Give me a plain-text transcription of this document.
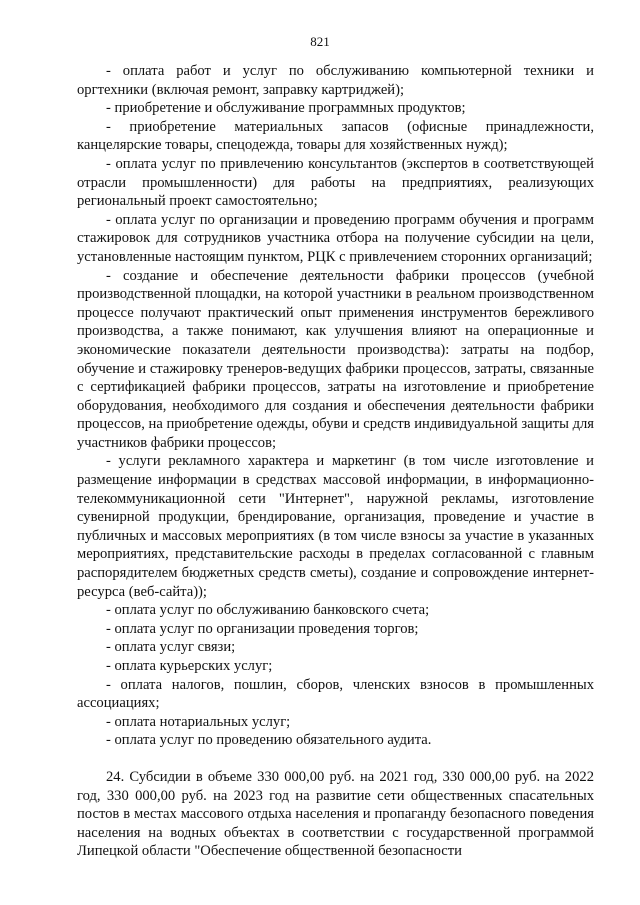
821

- оплата работ и услуг по обслуживанию компьютерной техники и оргтехники (включая ремонт, заправку картриджей);

- приобретение и обслуживание программных продуктов;

- приобретение материальных запасов (офисные принадлежности, канцелярские товары, спецодежда, товары для хозяйственных нужд);

- оплата услуг по привлечению консультантов (экспертов в соответствующей отрасли промышленности) для работы на предприятиях, реализующих региональный проект самостоятельно;

- оплата услуг по организации и проведению программ обучения и программ стажировок для сотрудников участника отбора на получение субсидии на цели, установленные настоящим пунктом, РЦК с привлечением сторонних организаций;

- создание и обеспечение деятельности фабрики процессов (учебной производственной площадки, на которой участники в реальном производственном процессе получают практический опыт применения инструментов бережливого производства, а также понимают, как улучшения влияют на операционные и экономические показатели деятельности производства): затраты на подбор, обучение и стажировку тренеров-ведущих фабрики процессов, затраты, связанные с сертификацией фабрики процессов, затраты на изготовление и приобретение оборудования, необходимого для создания и обеспечения деятельности фабрики процессов, на приобретение одежды, обуви и средств индивидуальной защиты для участников фабрики процессов;

- услуги рекламного характера и маркетинг (в том числе изготовление и размещение информации в средствах массовой информации, в информационно-телекоммуникационной сети "Интернет", наружной рекламы, изготовление сувенирной продукции, брендирование, организация, проведение и участие в публичных и массовых мероприятиях (в том числе взносы за участие в указанных мероприятиях, представительские расходы в пределах согласованной с главным распорядителем бюджетных средств сметы), создание и сопровождение интернет-ресурса (веб-сайта));

- оплата услуг по обслуживанию банковского счета;

- оплата услуг по организации проведения торгов;

- оплата услуг связи;

- оплата курьерских услуг;

- оплата налогов, пошлин, сборов, членских взносов в промышленных ассоциациях;

- оплата нотариальных услуг;

- оплата услуг по проведению обязательного аудита.

24. Субсидии в объеме 330 000,00 руб. на 2021 год, 330 000,00 руб. на 2022 год, 330 000,00 руб. на 2023 год на развитие сети общественных спасательных постов в местах массового отдыха населения и пропаганду безопасного поведения населения на водных объектах в соответствии с государственной программой Липецкой области "Обеспечение общественной безопасности
